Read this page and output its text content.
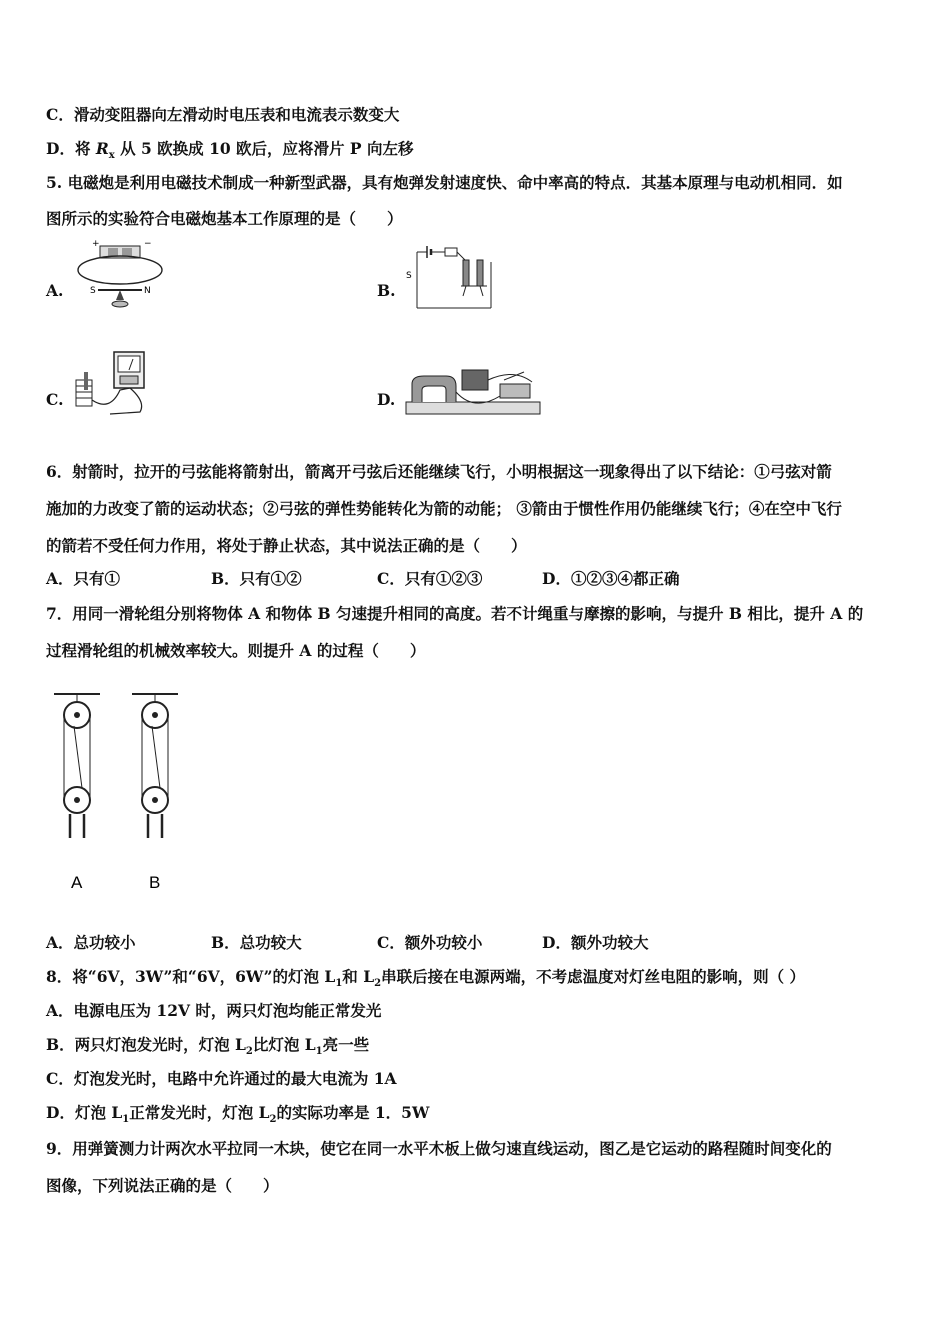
C．滑动变阻器向左滑动时电压表和电流表示数变大
D．将 $R_x$ 从 5 欧换成 10 欧后，应将滑片 P 向左移
5. 电磁炮是利用电磁技术制成一种新型武器，具有炮弹发射速度快、命中率高的特点．其基本原理与电动机相同．如
图所示的实验符合电磁炮基本工作原理的是（　　）
A.
+	−
S	N	B.
S
C.	D.
6．射箭时，拉开的弓弦能将箭射出，箭离开弓弦后还能继续飞行，小明根据这一现象得出了以下结论：①弓弦对箭
施加的力改变了箭的运动状态；②弓弦的弹性势能转化为箭的动能； ③箭由于惯性作用仍能继续飞行；④在空中飞行
的箭若不受任何力作用，将处于静止状态，其中说法正确的是（　　）
A．只有①	B．只有①②	C．只有①②③	D．①②③④都正确
7．用同一滑轮组分别将物体 A 和物体 B 匀速提升相同的高度。若不计绳重与摩擦的影响，与提升 B 相比，提升 A 的
过程滑轮组的机械效率较大。则提升 A 的过程（　　）
A	B
A．总功较小	B．总功较大	C．额外功较小	D．额外功较大
8．将“6V，3W”和“6V，6W”的灯泡 $L_1$和 $L_2$串联后接在电源两端，不考虑温度对灯丝电阻的影响，则（ ）
A．电源电压为 12V 时，两只灯泡均能正常发光
B．两只灯泡发光时，灯泡 $L_2$比灯泡 $L_1$亮一些
C．灯泡发光时，电路中允许通过的最大电流为 1A
D．灯泡 $L_1$正常发光时，灯泡 $L_2$的实际功率是 1．5W
9．用弹簧测力计两次水平拉同一木块，使它在同一水平木板上做匀速直线运动，图乙是它运动的路程随时间变化的
图像，下列说法正确的是（　　）
